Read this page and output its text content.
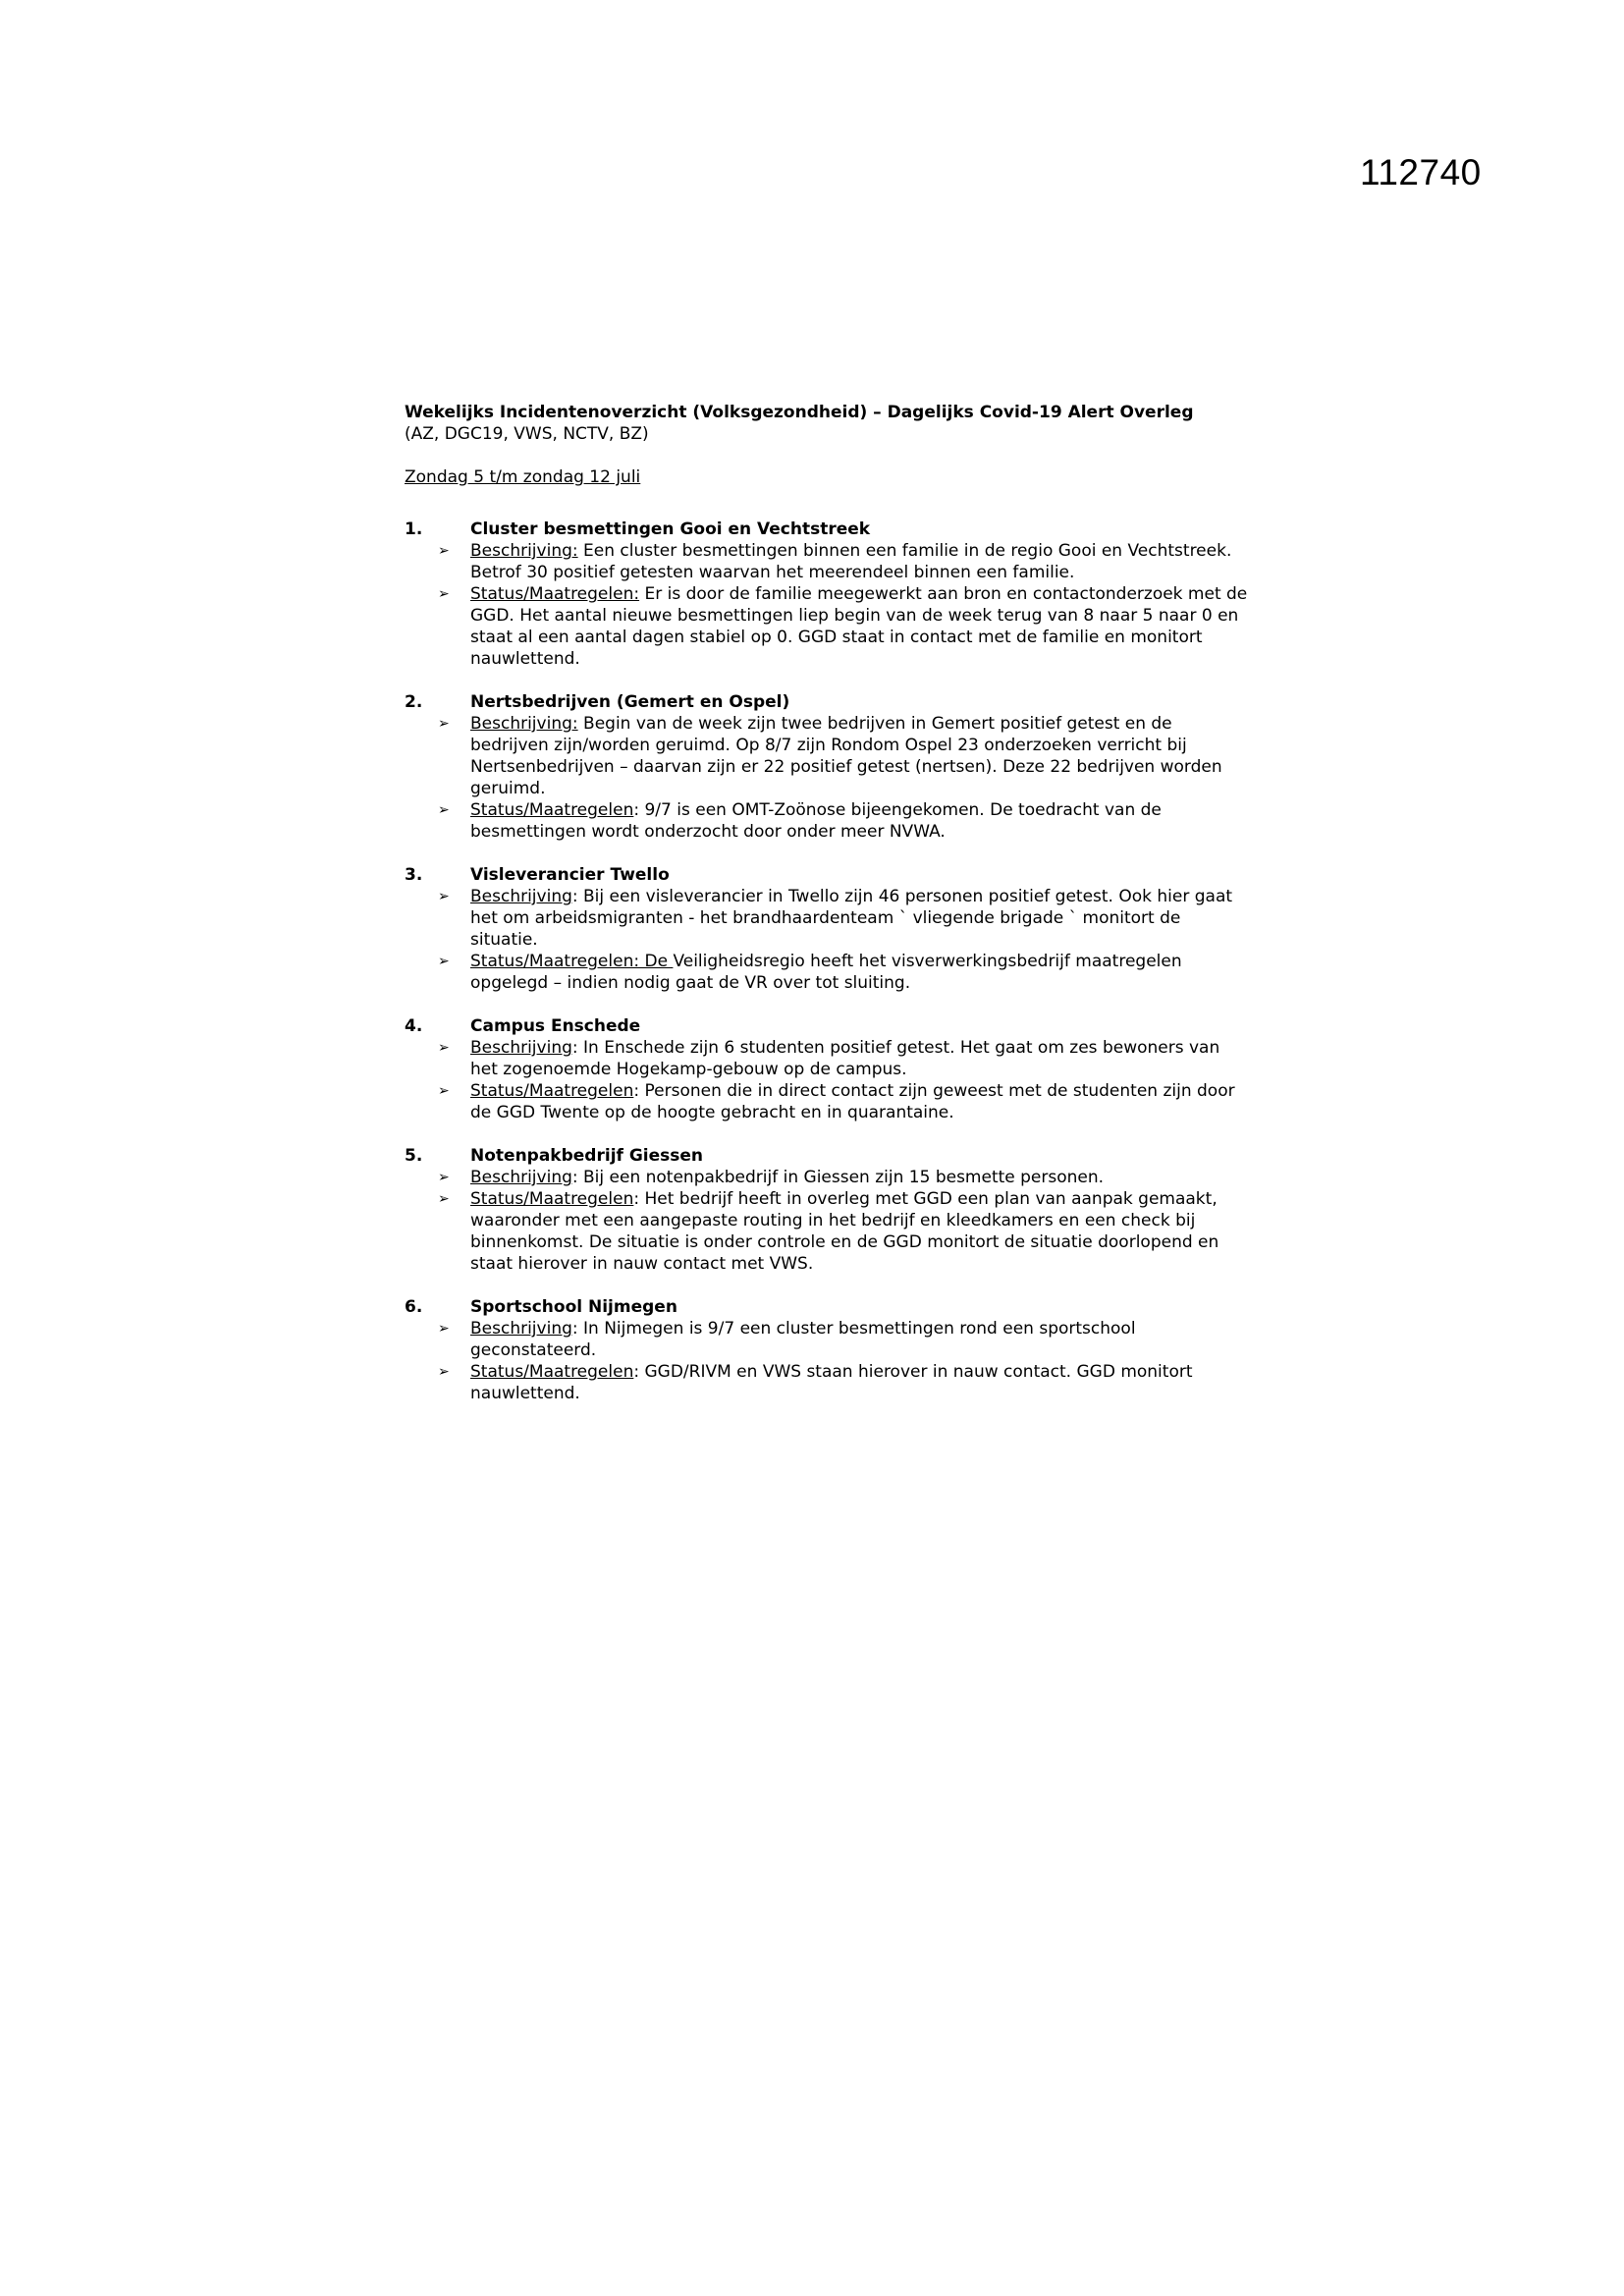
112740

Wekelijks Incidentenoverzicht (Volksgezondheid) – Dagelijks Covid-19 Alert Overleg

(AZ, DGC19, VWS, NCTV, BZ)

Zondag 5 t/m zondag 12 juli

1.	Cluster besmettingen Gooi en Vechtstreek
➢ Beschrijving: Een cluster besmettingen binnen een familie in de regio Gooi en Vechtstreek. Betrof 30 positief getesten waarvan het meerendeel binnen een familie.
➢ Status/Maatregelen: Er is door de familie meegewerkt aan bron en contactonderzoek met de GGD. Het aantal nieuwe besmettingen liep begin van de week terug van 8 naar 5 naar 0 en staat al een aantal dagen stabiel op 0. GGD staat in contact met de familie en monitort nauwlettend.
2.	Nertsbedrijven (Gemert en Ospel)
➢ Beschrijving: Begin van de week zijn twee bedrijven in Gemert positief getest en de bedrijven zijn/worden geruimd. Op 8/7 zijn Rondom Ospel 23 onderzoeken verricht bij Nertsenbedrijven – daarvan zijn er 22 positief getest (nertsen). Deze 22 bedrijven worden geruimd.
➢ Status/Maatregelen: 9/7 is een OMT-Zoönose bijeengekomen. De toedracht van de besmettingen wordt onderzocht door onder meer NVWA.
3.	Visleverancier Twello
➢ Beschrijving: Bij een visleverancier in Twello zijn 46 personen positief getest. Ook hier gaat het om arbeidsmigranten - het brandhaardenteam ` vliegende brigade ` monitort de situatie.
➢ Status/Maatregelen: De Veiligheidsregio heeft het visverwerkingsbedrijf maatregelen opgelegd – indien nodig gaat de VR over tot sluiting.
4.	Campus Enschede
➢ Beschrijving: In Enschede zijn 6 studenten positief getest. Het gaat om zes bewoners van het zogenoemde Hogekamp-gebouw op de campus.
➢ Status/Maatregelen: Personen die in direct contact zijn geweest met de studenten zijn door de GGD Twente op de hoogte gebracht en in quarantaine.
5.	Notenpakbedrijf Giessen
➢ Beschrijving: Bij een notenpakbedrijf in Giessen zijn 15 besmette personen.
➢ Status/Maatregelen: Het bedrijf heeft in overleg met GGD een plan van aanpak gemaakt, waaronder met een aangepaste routing in het bedrijf en kleedkamers en een check bij binnenkomst. De situatie is onder controle en de GGD monitort de situatie doorlopend en staat hierover in nauw contact met VWS.
6.	Sportschool Nijmegen
➢ Beschrijving: In Nijmegen is 9/7 een cluster besmettingen rond een sportschool geconstateerd.
➢ Status/Maatregelen: GGD/RIVM en VWS staan hierover in nauw contact. GGD monitort nauwlettend.
